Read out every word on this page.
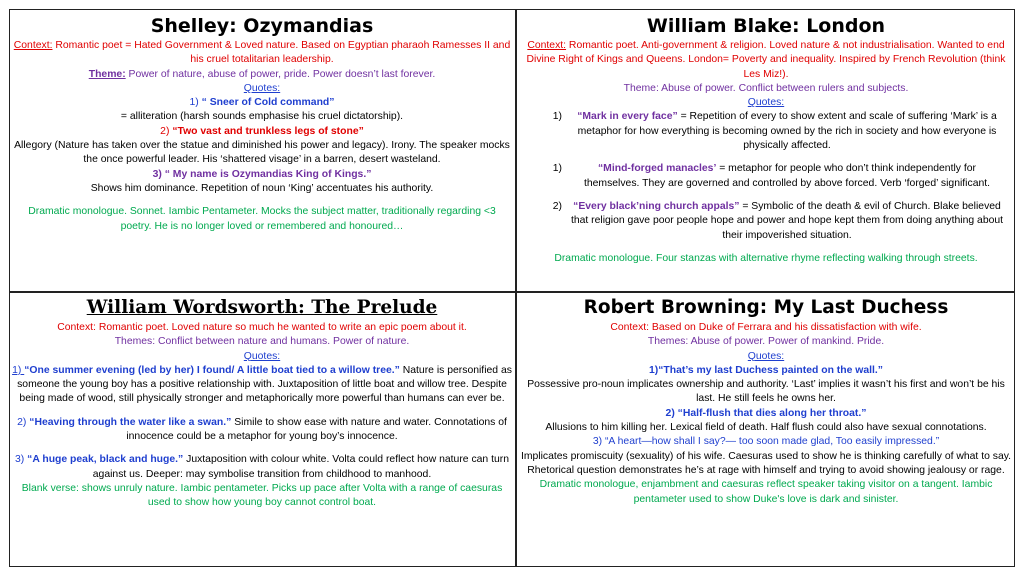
Shelley: Ozymandias

Context: Romantic poet = Hated Government & Loved nature. Based on Egyptian pharaoh Ramesses II and his cruel totalitarian leadership.

Theme: Power of nature, abuse of power, pride. Power doesn’t last forever.

Quotes:

1) “ Sneer of Cold command”

= alliteration (harsh sounds emphasise his cruel dictatorship).

2) “Two vast and trunkless legs of stone”

Allegory (Nature has taken over the statue and diminished his power and legacy). Irony. The speaker mocks the once powerful leader. His ‘shattered visage’ in a barren, desert wasteland.

3) “ My name is Ozymandias King of Kings.”

Shows him dominance. Repetition of noun ‘King’ accentuates his authority.

Dramatic monologue. Sonnet. Iambic Pentameter. Mocks the subject matter, traditionally regarding <3 poetry. He is no longer loved or remembered and honoured…

William Blake: London

Context: Romantic poet. Anti-government & religion. Loved nature & not industrialisation. Wanted to end Divine Right of Kings and Queens. London= Poverty and inequality. Inspired by French Revolution (think Les Miz!).

Theme: Abuse of power. Conflict between rulers and subjects.

Quotes:

1)	“Mark in every face” = Repetition of every to show extent and scale of suffering ‘Mark’ is a metaphor for how everything is becoming owned by the rich in society and how everyone is physically affected.
1)	“Mind-forged manacles’ = metaphor for people who don’t think independently for themselves. They are governed and controlled by above forced. Verb ‘forged’ significant.
2)	“Every black’ning church appals” = Symbolic of the death & evil of Church. Blake believed that religion gave poor people hope and power and hope kept them from doing anything about their impoverished situation.

Dramatic monologue. Four stanzas with alternative rhyme reflecting walking through streets.

William Wordsworth: The Prelude

Context: Romantic poet. Loved nature so much he wanted to write an epic poem about it.

Themes: Conflict between nature and humans. Power of nature.

Quotes:

1) “One summer evening (led by her) I found/ A little boat tied to a willow tree.” Nature is personified as someone the young boy has a positive relationship with. Juxtaposition of little boat and willow tree. Despite being made of wood, still physically stronger and metaphorically more powerful than humans can ever be.

2) “Heaving through the water like a swan.” Simile to show ease with nature and water. Connotations of innocence could be a metaphor for young boy’s innocence.

3) “A huge peak, black and huge.” Juxtaposition with colour white. Volta could reflect how nature can turn against us. Deeper: may symbolise transition from childhood to manhood.

Blank verse: shows unruly nature. Iambic pentameter. Picks up pace after Volta with a range of caesuras used to show how young boy cannot control boat.

Robert Browning: My Last Duchess

Context: Based on Duke of Ferrara and his dissatisfaction with wife.

Themes: Abuse of power. Power of mankind. Pride.

Quotes:

1)“That’s my last Duchess painted on the wall.”

Possessive pro-noun implicates ownership and authority. ‘Last’ implies it wasn’t his first and won’t be his last. He still feels he owns her.

2) “Half-flush that dies along her throat.”

Allusions to him killing her. Lexical field of death. Half flush could also have sexual connotations.

3) “A heart—how shall I say?— too soon made glad, Too easily impressed.”

Implicates promiscuity (sexuality) of his wife. Caesuras used to show he is thinking carefully of what to say. Rhetorical question demonstrates he’s at rage with himself and trying to avoid showing jealousy or rage.

Dramatic monologue, enjambment and caesuras reflect speaker taking visitor on a tangent. Iambic pentameter used to show Duke's love is dark and sinister.
